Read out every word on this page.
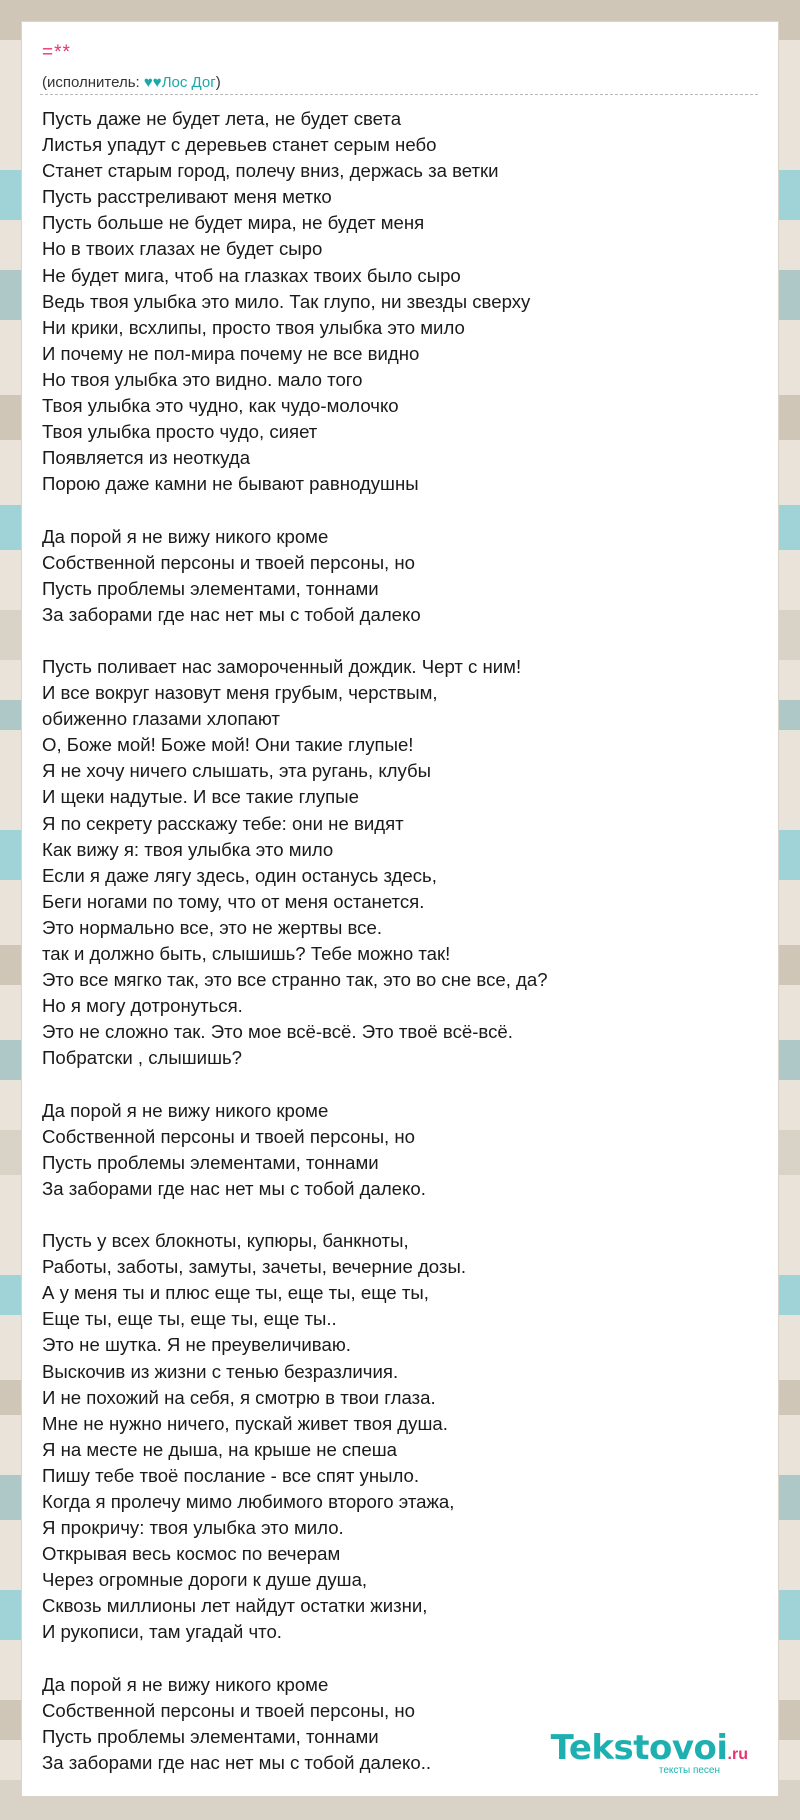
=**
(исполнитель: ♥♥Лос Дог)
Пусть даже не будет лета, не будет света
Листья упадут с деревьев станет серым небо
Станет старым город, полечу вниз, держась за ветки
Пусть расстреливают меня метко
Пусть больше не будет мира, не будет меня
Но в твоих глазах не будет сыро
Не будет мига, чтоб на глазках твоих было сыро
Ведь твоя улыбка это мило. Так глупо, ни звезды сверху
Ни крики, всхлипы, просто твоя улыбка это мило
И почему не пол-мира почему не все видно
Но твоя улыбка это видно. мало того
Твоя улыбка это чудно, как чудо-молочко
Твоя улыбка просто чудо, сияет
Появляется из неоткуда
Порою даже камни не бывают равнодушны
Да порой я не вижу никого кроме
Собственной персоны и твоей персоны, но
Пусть проблемы элементами, тоннами
За заборами где нас нет мы с тобой далеко
Пусть поливает нас замороченный дождик. Черт с ним!
И все вокруг назовут меня грубым, черствым,
обиженно глазами хлопают
О, Боже мой! Боже мой! Они такие глупые!
Я не хочу ничего слышать, эта ругань, клубы
И щеки надутые. И все такие глупые
Я по секрету расскажу тебе: они не видят
Как вижу я: твоя улыбка это мило
Если я даже лягу здесь, один останусь здесь,
Беги ногами по тому, что от меня останется.
Это нормально все, это не жертвы все.
так и должно быть, слышишь? Тебе можно так!
Это все мягко так, это все странно так, это во сне все, да?
Но я могу дотронуться.
Это не сложно так. Это мое всё-всё. Это твоё всё-всё.
Побратски , слышишь?
Да порой я не вижу никого кроме
Собственной персоны и твоей персоны, но
Пусть проблемы элементами, тоннами
За заборами где нас нет мы с тобой далеко.
Пусть у всех блокноты, купюры, банкноты,
Работы, заботы, замуты, зачеты, вечерние дозы.
А у меня ты и плюс еще ты, еще ты, еще ты,
Еще ты, еще ты, еще ты, еще ты..
Это не шутка. Я не преувеличиваю.
Выскочив из жизни с тенью безразличия.
И не похожий на себя, я смотрю в твои глаза.
Мне не нужно ничего, пускай живет твоя душа.
Я на месте не дыша, на крыше не спеша
Пишу тебе твоё послание - все спят уныло.
Когда я пролечу мимо любимого второго этажа,
Я прокричу: твоя улыбка это мило.
Открывая весь космос по вечерам
Через огромные дороги к душе душа,
Сквозь миллионы лет найдут остатки жизни,
И рукописи, там угадай что.
Да порой я не вижу никого кроме
Собственной персоны и твоей персоны, но
Пусть проблемы элементами, тоннами
За заборами где нас нет мы с тобой далеко..	Tekstovoi.ru
тексты песен
